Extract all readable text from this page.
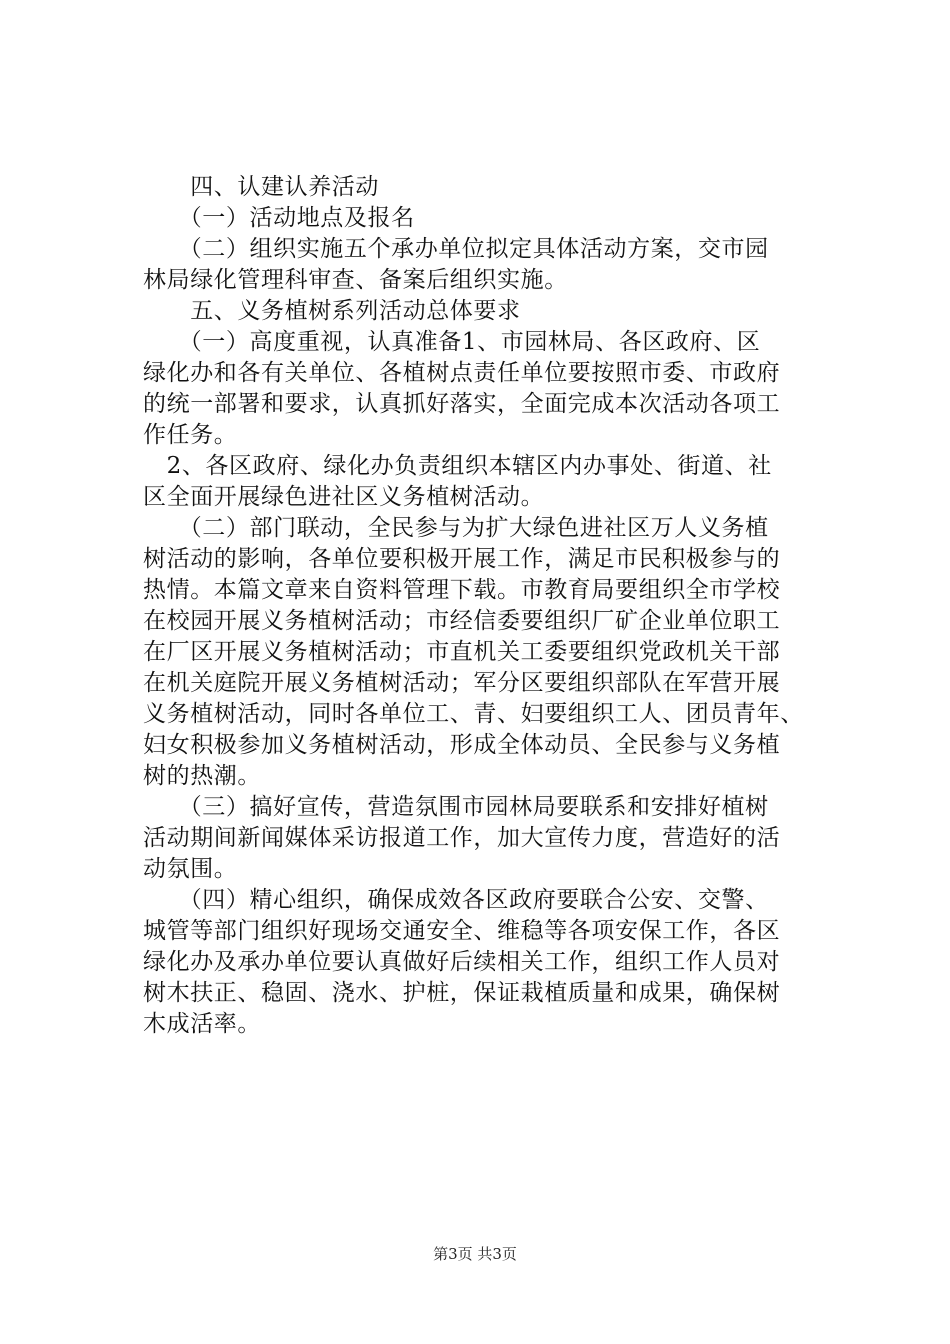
　　四、认建认养活动
　　（一）活动地点及报名
　　（二）组织实施五个承办单位拟定具体活动方案，交市园
林局绿化管理科审查、备案后组织实施。
　　五、义务植树系列活动总体要求
　　（一）高度重视，认真准备1、市园林局、各区政府、区
绿化办和各有关单位、各植树点责任单位要按照市委、市政府
的统一部署和要求，认真抓好落实，全面完成本次活动各项工
作任务。
　2、各区政府、绿化办负责组织本辖区内办事处、街道、社
区全面开展绿色进社区义务植树活动。
　　（二）部门联动，全民参与为扩大绿色进社区万人义务植
树活动的影响，各单位要积极开展工作，满足市民积极参与的
热情。本篇文章来自资料管理下载。市教育局要组织全市学校
在校园开展义务植树活动；市经信委要组织厂矿企业单位职工
在厂区开展义务植树活动；市直机关工委要组织党政机关干部
在机关庭院开展义务植树活动；军分区要组织部队在军营开展
义务植树活动，同时各单位工、青、妇要组织工人、团员青年、
妇女积极参加义务植树活动，形成全体动员、全民参与义务植
树的热潮。
　　（三）搞好宣传，营造氛围市园林局要联系和安排好植树
活动期间新闻媒体采访报道工作，加大宣传力度，营造好的活
动氛围。
　　（四）精心组织，确保成效各区政府要联合公安、交警、
城管等部门组织好现场交通安全、维稳等各项安保工作，各区
绿化办及承办单位要认真做好后续相关工作，组织工作人员对
树木扶正、稳固、浇水、护桩，保证栽植质量和成果，确保树
木成活率。
第3页 共3页
